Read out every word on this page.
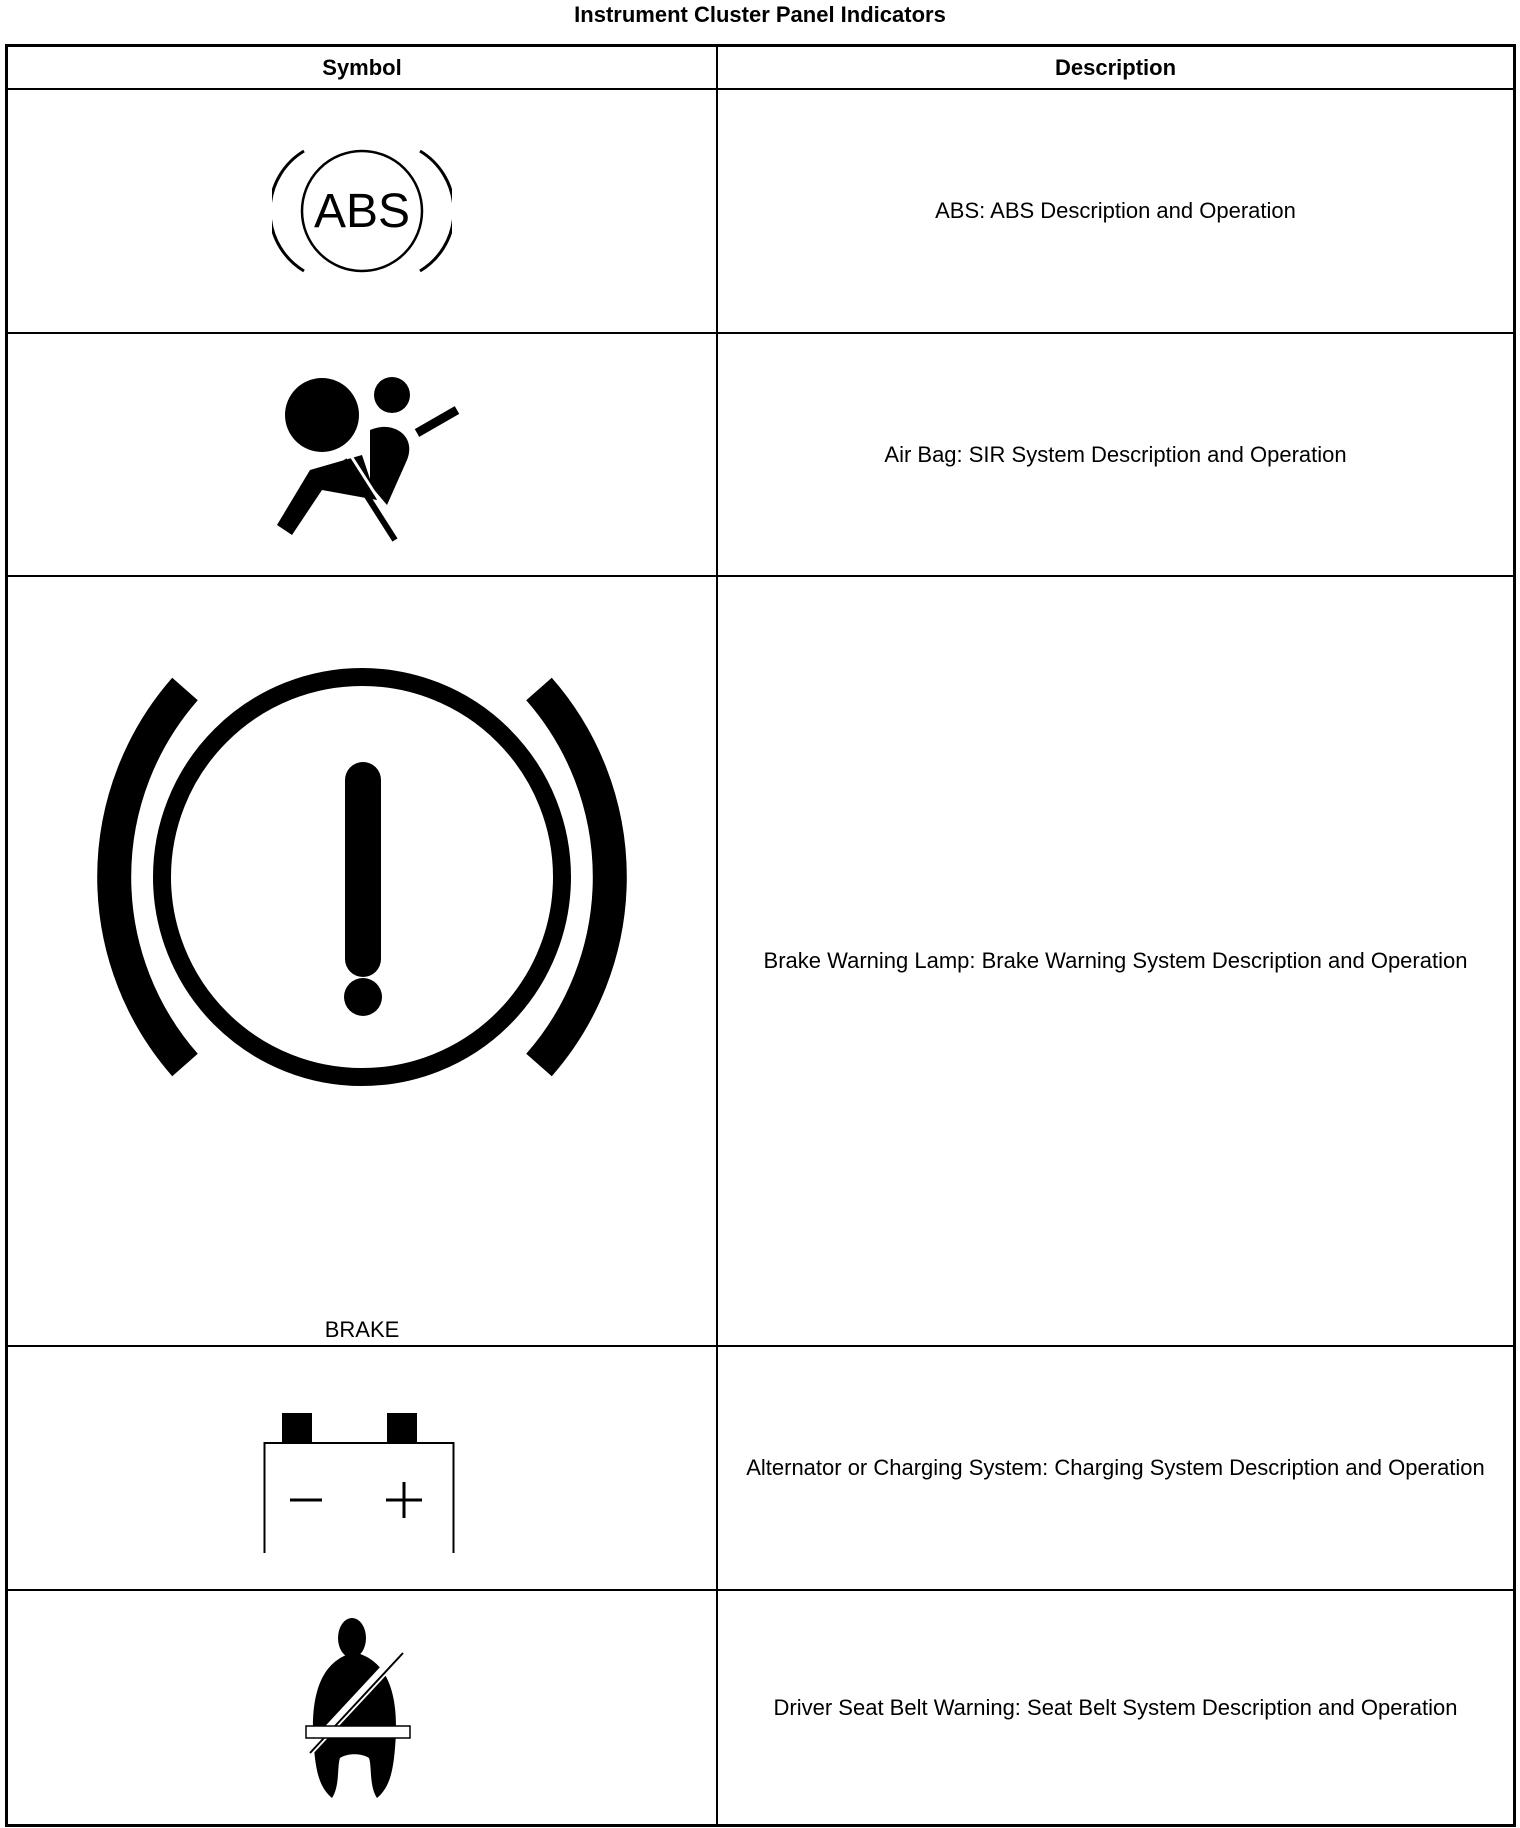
Instrument Cluster Panel Indicators
Symbol	Description
ABS	ABS: ABS Description and Operation
Air Bag: SIR System Description and Operation
BRAKE
Brake Warning Lamp: Brake Warning System Description and Operation
Alternator or Charging System: Charging System Description and Operation
Driver Seat Belt Warning: Seat Belt System Description and Operation
